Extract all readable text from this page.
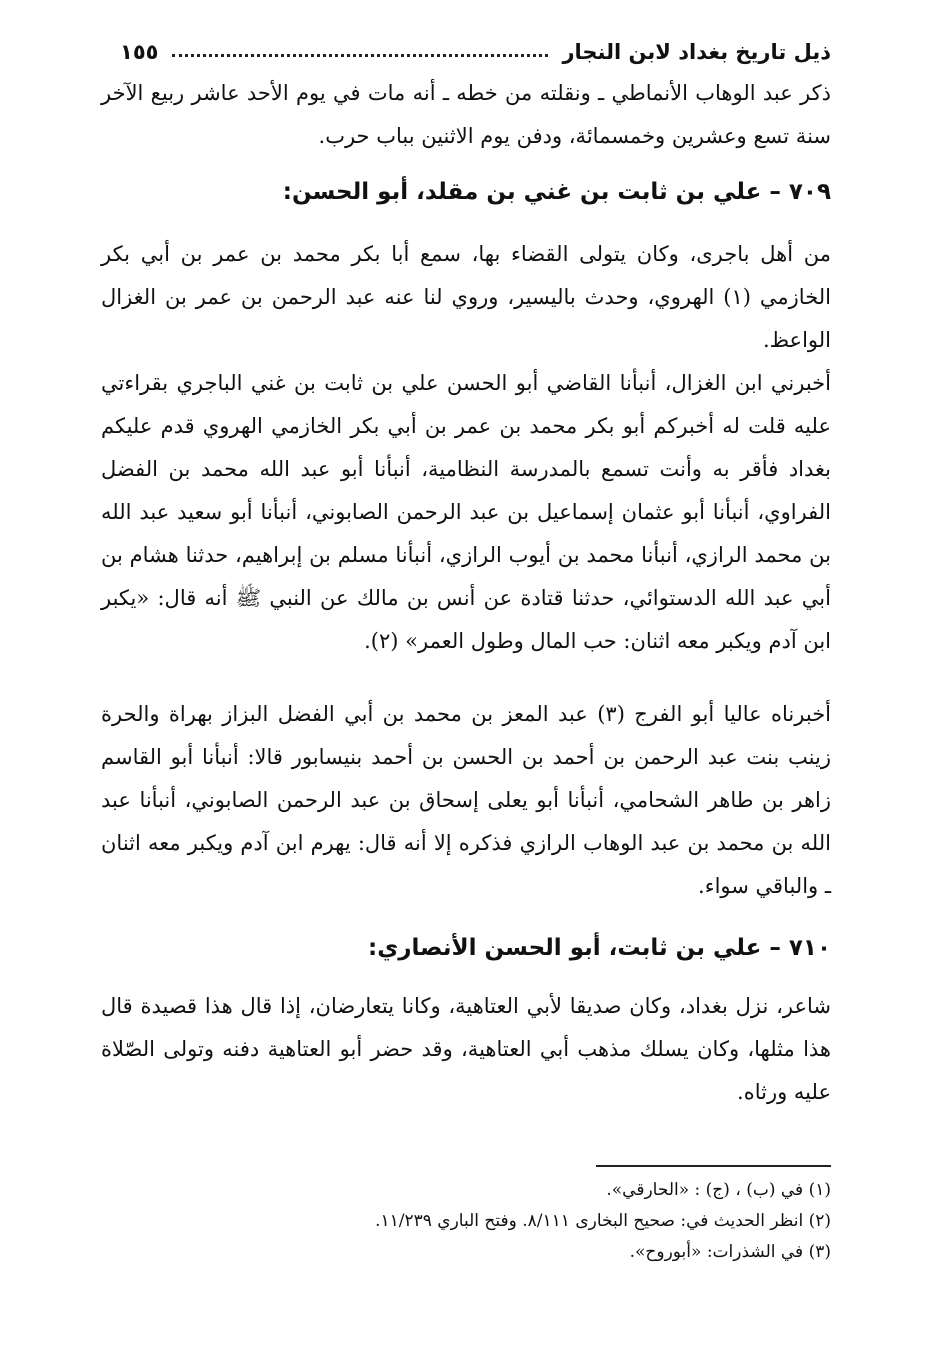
ذيل تاريخ بغداد لابن النجار
١٥٥
ذكر عبد الوهاب الأنماطي ـ ونقلته من خطه ـ أنه مات في يوم الأحد عاشر ربيع الآخر سنة تسع وعشرين وخمسمائة، ودفن يوم الاثنين بباب حرب.
٧٠٩ – علي بن ثابت بن غني بن مقلد، أبو الحسن:
من أهل باجرى، وكان يتولى القضاء بها، سمع أبا بكر محمد بن عمر بن أبي بكر الخازمي (١) الهروي، وحدث باليسير، وروي لنا عنه عبد الرحمن بن عمر بن الغزال الواعظ.
أخبرني ابن الغزال، أنبأنا القاضي أبو الحسن علي بن ثابت بن غني الباجري بقراءتي عليه قلت له أخبركم أبو بكر محمد بن عمر بن أبي بكر الخازمي الهروي قدم عليكم بغداد فأقر به وأنت تسمع بالمدرسة النظامية، أنبأنا أبو عبد الله محمد بن الفضل الفراوي، أنبأنا أبو عثمان إسماعيل بن عبد الرحمن الصابوني، أنبأنا أبو سعيد عبد الله بن محمد الرازي، أنبأنا محمد بن أيوب الرازي، أنبأنا مسلم بن إبراهيم، حدثنا هشام بن أبي عبد الله الدستوائي، حدثنا قتادة عن أنس بن مالك عن النبي ﷺ أنه قال: «يكبر ابن آدم ويكبر معه اثنان: حب المال وطول العمر» (٢).
أخبرناه عاليا أبو الفرج (٣) عبد المعز بن محمد بن أبي الفضل البزاز بهراة والحرة زينب بنت عبد الرحمن بن أحمد بن الحسن بن أحمد بنيسابور قالا: أنبأنا أبو القاسم زاهر بن طاهر الشحامي، أنبأنا أبو يعلى إسحاق بن عبد الرحمن الصابوني، أنبأنا عبد الله بن محمد بن عبد الوهاب الرازي فذكره إلا أنه قال: يهرم ابن آدم ويكبر معه اثنان ـ والباقي سواء.
٧١٠ – علي بن ثابت، أبو الحسن الأنصاري:
شاعر، نزل بغداد، وكان صديقا لأبي العتاهية، وكانا يتعارضان، إذا قال هذا قصيدة قال هذا مثلها، وكان يسلك مذهب أبي العتاهية، وقد حضر أبو العتاهية دفنه وتولى الصّلاة عليه ورثاه.
(١) في (ب) ، (ج) : «الحارقي».
(٢) انظر الحديث في: صحيح البخارى ٨/١١١. وفتح الباري ١١/٢٣٩.
(٣) في الشذرات: «أبوروح».
